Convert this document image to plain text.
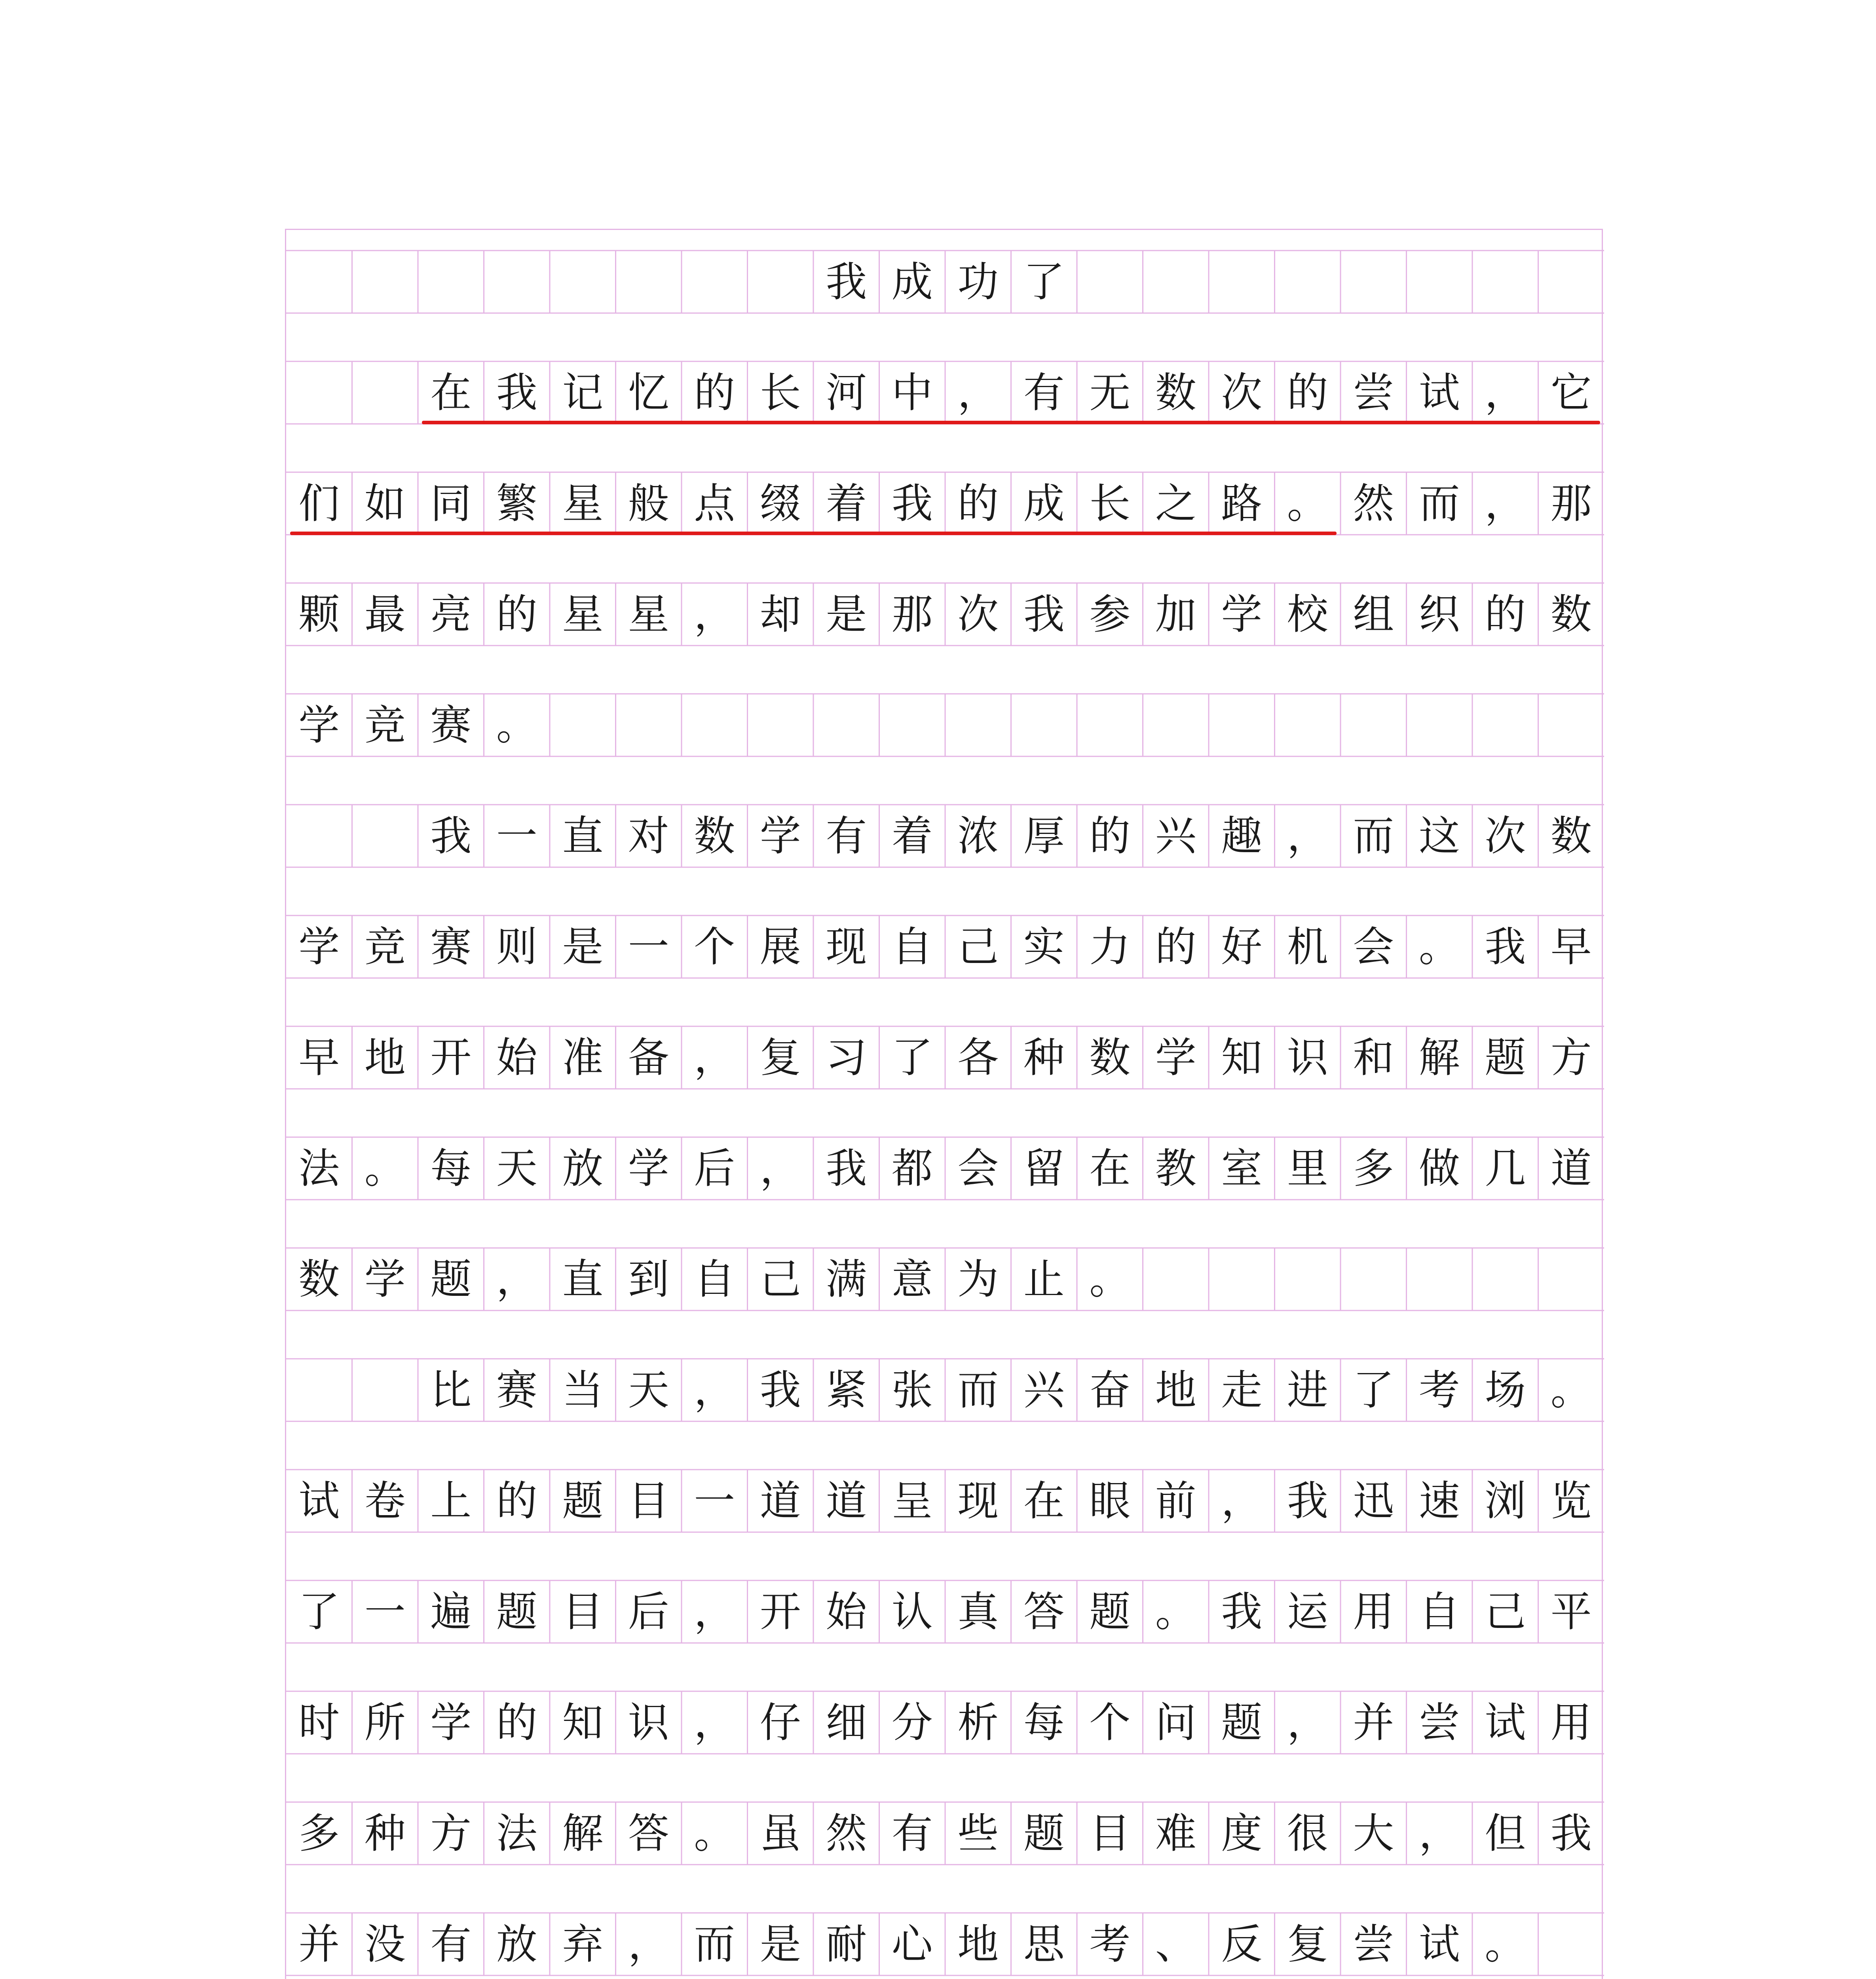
我 成 功 了
在 我 记 忆 的 长 河 中 ， 有 无 数 次 的 尝 试 ， 它
们 如 同 繁 星 般 点 缀 着 我 的 成 长 之 路 。 然 而 ， 那
颗 最 亮 的 星 星 ， 却 是 那 次 我 参 加 学 校 组 织 的 数
学 竞 赛 。
我 一 直 对 数 学 有 着 浓 厚 的 兴 趣 ， 而 这 次 数
学 竞 赛 则 是 一 个 展 现 自 己 实 力 的 好 机 会 。 我 早
早 地 开 始 准 备 ， 复 习 了 各 种 数 学 知 识 和 解 题 方
法 。 每 天 放 学 后 ， 我 都 会 留 在 教 室 里 多 做 几 道
数 学 题 ， 直 到 自 己 满 意 为 止 。
比 赛 当 天 ， 我 紧 张 而 兴 奋 地 走 进 了 考 场 。
试 卷 上 的 题 目 一 道 道 呈 现 在 眼 前 ， 我 迅 速 浏 览
了 一 遍 题 目 后 ， 开 始 认 真 答 题 。 我 运 用 自 己 平
时 所 学 的 知 识 ， 仔 细 分 析 每 个 问 题 ， 并 尝 试 用
多 种 方 法 解 答 。 虽 然 有 些 题 目 难 度 很 大 ， 但 我
并 没 有 放 弃 ， 而 是 耐 心 地 思 考 、 反 复 尝 试 。
